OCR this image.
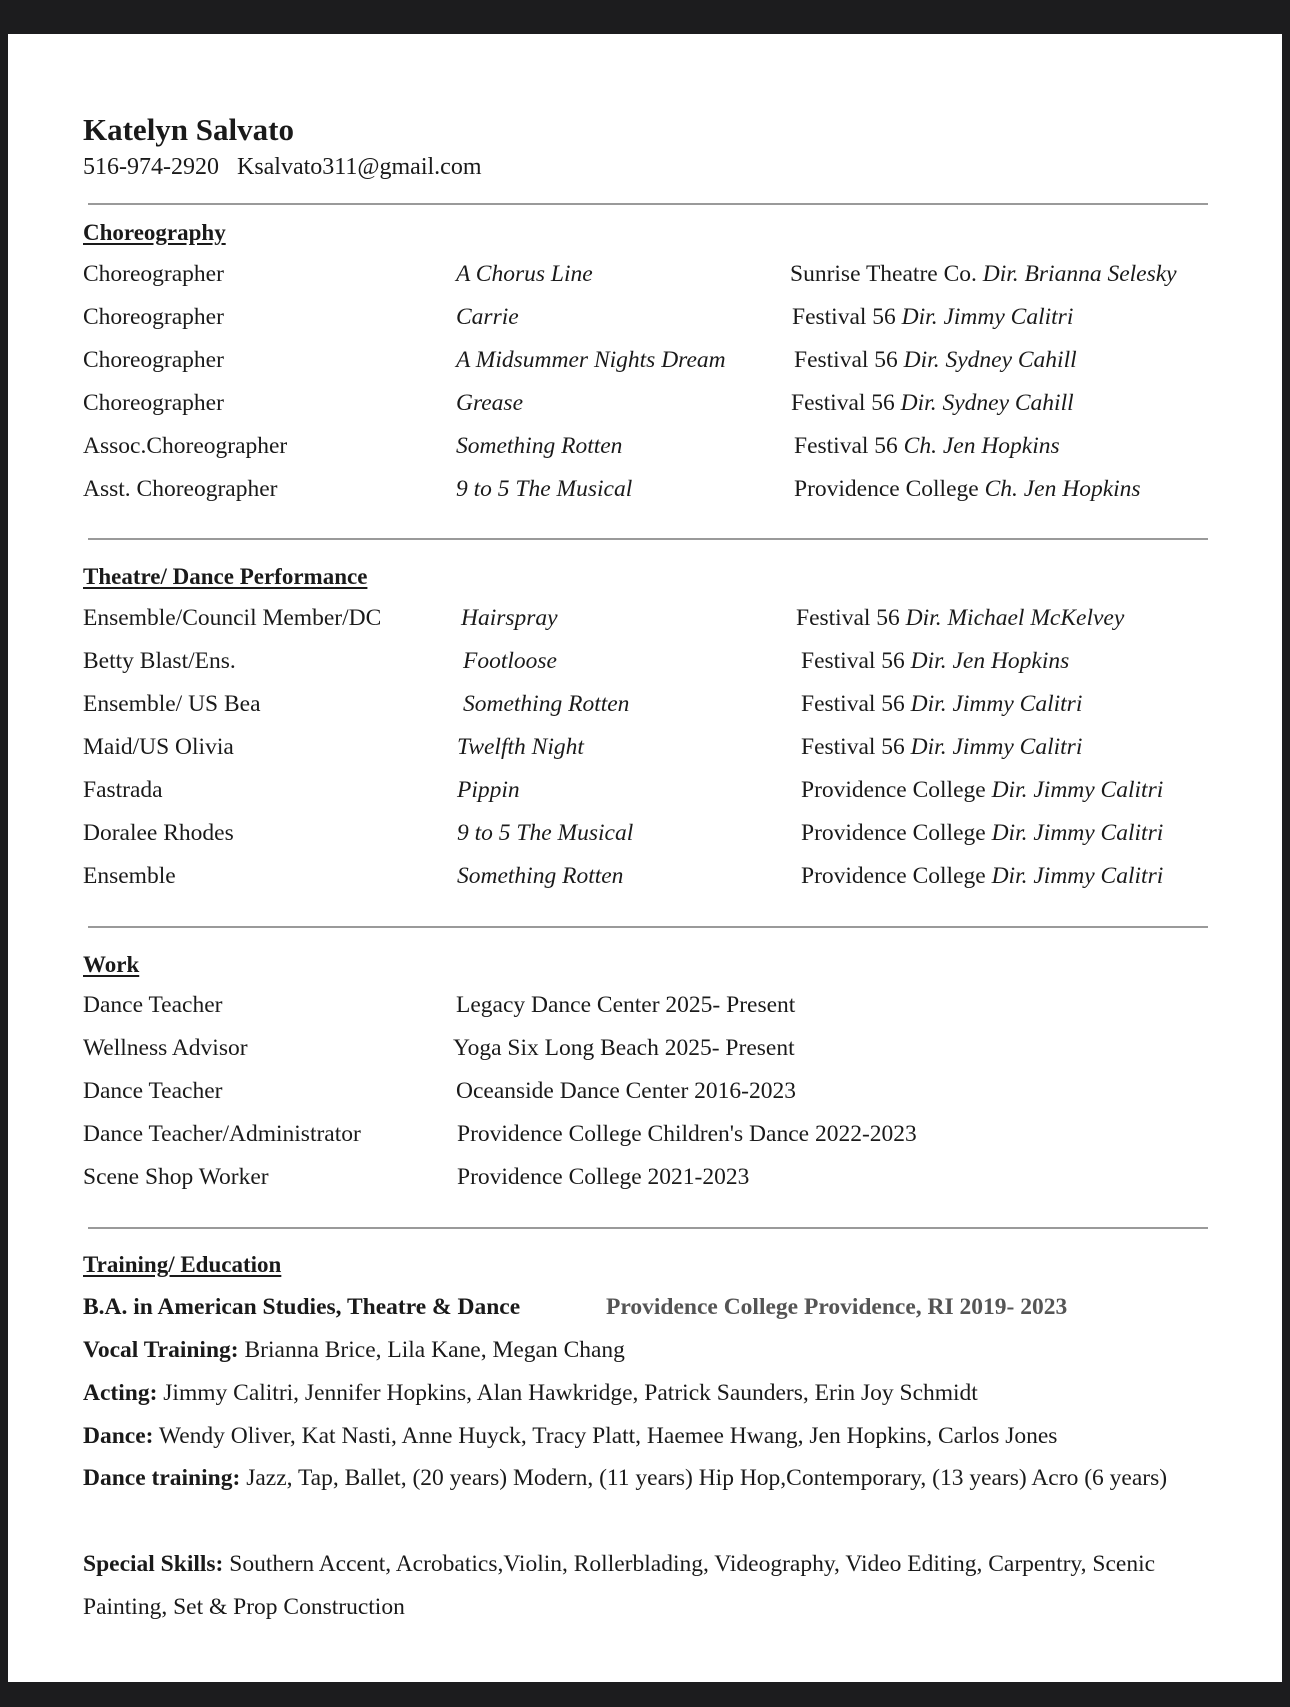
Katelyn Salvato
516-974-2920 Ksalvato311@gmail.com
Choreography
Choreographer	A Chorus Line	Sunrise Theatre Co. Dir. Brianna Selesky
Choreographer	Carrie	Festival 56 Dir. Jimmy Calitri
Choreographer	A Midsummer Nights Dream	Festival 56 Dir. Sydney Cahill
Choreographer	Grease	Festival 56 Dir. Sydney Cahill
Assoc.Choreographer	Something Rotten	Festival 56 Ch. Jen Hopkins
Asst. Choreographer	9 to 5 The Musical	Providence College Ch. Jen Hopkins
Theatre/ Dance Performance
Ensemble/Council Member/DC	Hairspray	Festival 56 Dir. Michael McKelvey
Betty Blast/Ens.	Footloose	Festival 56 Dir. Jen Hopkins
Ensemble/ US Bea	Something Rotten	Festival 56 Dir. Jimmy Calitri
Maid/US Olivia	Twelfth Night	Festival 56 Dir. Jimmy Calitri
Fastrada	Pippin	Providence College Dir. Jimmy Calitri
Doralee Rhodes	9 to 5 The Musical	Providence College Dir. Jimmy Calitri
Ensemble	Something Rotten	Providence College Dir. Jimmy Calitri
Work
Dance Teacher	Legacy Dance Center 2025- Present
Wellness Advisor	Yoga Six Long Beach 2025- Present
Dance Teacher	Oceanside Dance Center 2016-2023
Dance Teacher/Administrator	Providence College Children's Dance 2022-2023
Scene Shop Worker	Providence College 2021-2023
Training/ Education
B.A. in American Studies, Theatre & Dance	Providence College Providence, RI 2019- 2023
Vocal Training: Brianna Brice, Lila Kane, Megan Chang
Acting: Jimmy Calitri, Jennifer Hopkins, Alan Hawkridge, Patrick Saunders, Erin Joy Schmidt
Dance: Wendy Oliver, Kat Nasti, Anne Huyck, Tracy Platt, Haemee Hwang, Jen Hopkins, Carlos Jones
Dance training: Jazz, Tap, Ballet, (20 years) Modern, (11 years) Hip Hop,Contemporary, (13 years) Acro (6 years)
Special Skills: Southern Accent, Acrobatics,Violin, Rollerblading, Videography, Video Editing, Carpentry, Scenic Painting, Set & Prop Construction
